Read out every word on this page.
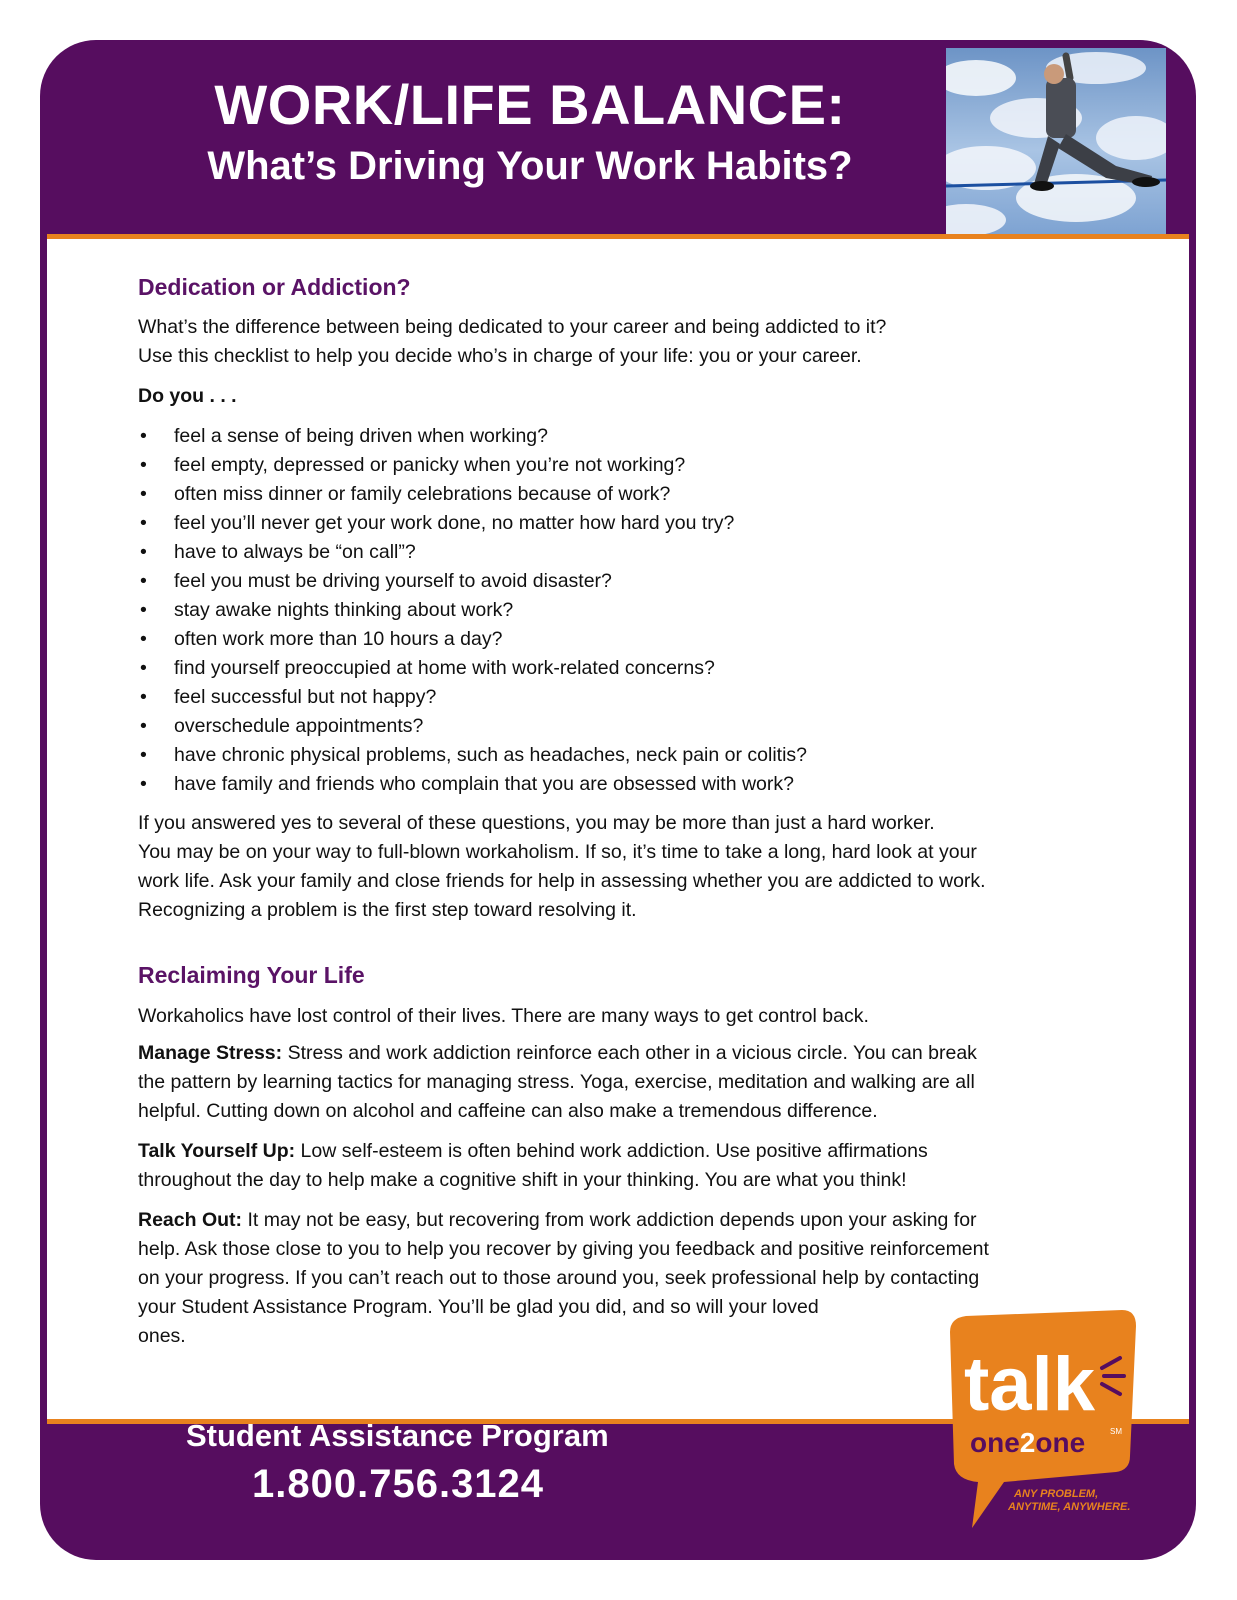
WORK/LIFE BALANCE:
What’s Driving Your Work Habits?
Dedication or Addiction?

What’s the difference between being dedicated to your career and being addicted to it?

Use this checklist to help you decide who’s in charge of your life: you or your career.

Do you . . .

• feel a sense of being driven when working?
• feel empty, depressed or panicky when you’re not working?
• often miss dinner or family celebrations because of work?
• feel you’ll never get your work done, no matter how hard you try?
• have to always be “on call”?
• feel you must be driving yourself to avoid disaster?
• stay awake nights thinking about work?
• often work more than 10 hours a day?
• find yourself preoccupied at home with work-related concerns?
• feel successful but not happy?
• overschedule appointments?
• have chronic physical problems, such as headaches, neck pain or colitis?
• have family and friends who complain that you are obsessed with work?

If you answered yes to several of these questions, you may be more than just a hard worker.

You may be on your way to full-blown workaholism. If so, it’s time to take a long, hard look at your

work life. Ask your family and close friends for help in assessing whether you are addicted to work.

Recognizing a problem is the first step toward resolving it.

Reclaiming Your Life

Workaholics have lost control of their lives. There are many ways to get control back.

Manage Stress: Stress and work addiction reinforce each other in a vicious circle. You can break

the pattern by learning tactics for managing stress. Yoga, exercise, meditation and walking are all

helpful. Cutting down on alcohol and caffeine can also make a tremendous difference.

Talk Yourself Up: Low self-esteem is often behind work addiction. Use positive affirmations

throughout the day to help make a cognitive shift in your thinking. You are what you think!

Reach Out: It may not be easy, but recovering from work addiction depends upon your asking for

help. Ask those close to you to help you recover by giving you feedback and positive reinforcement

on your progress. If you can’t reach out to those around you, seek professional help by contacting

your Student Assistance Program. You’ll be glad you did, and so will your loved

ones.

Student Assistance Program
1.800.756.3124
talk
one2one	SM
ANY PROBLEM,
ANYTIME, ANYWHERE.
